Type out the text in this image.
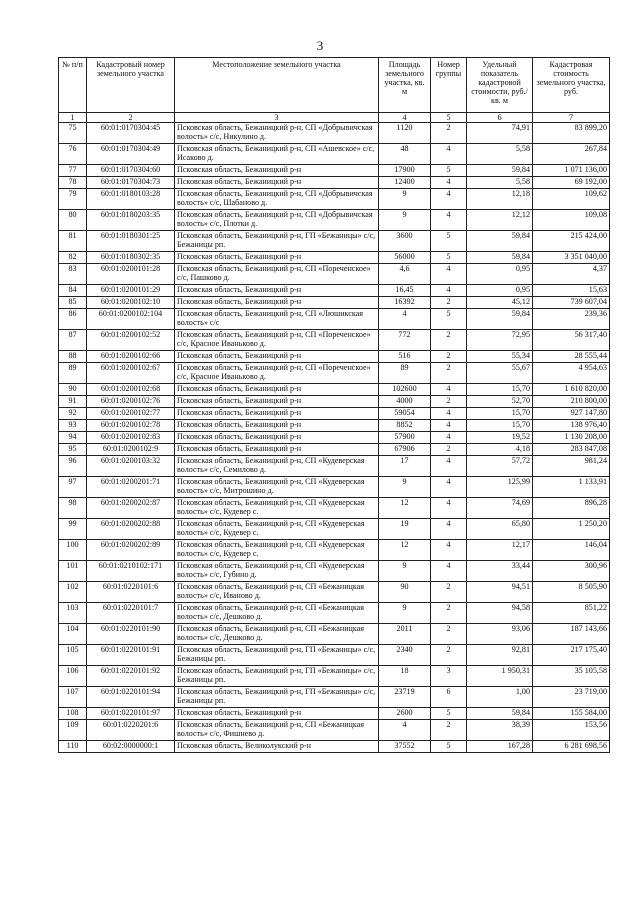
3
№ п/п	Кадастровый номер земельного участка	Местоположение земельного участка	Площадь земельного участка, кв. м	Номер группы	Удельный показатель кадастровой стоимости, руб./кв. м	Кадастровая стоимость земельного участка, руб.
1	2	3	4	5	6	7
75	60:01:0170304:45	Псковская область, Бежаницкий р-н, СП «Добрывичская волость» с/с, Никулино д.	1120	2	74,91	83 899,20
76	60:01:0170304:49	Псковская область, Бежаницкий р-н, СП «Ашевское» с/с, Исаково д.	48	4	5,58	267,84
77	60:01:0170304:60	Псковская область, Бежаницкий р-н	17900	5	59,84	1 071 136,00
78	60:01:0170304:73	Псковская область, Бежаницкий р-н	12400	4	5,58	69 192,00
79	60:01:0180103:28	Псковская область, Бежаницкий р-н, СП «Добрывичская волость» с/с, Шабаново д.	9	4	12,18	109,62
80	60:01:0180203:35	Псковская область, Бежаницкий р-н, СП «Добрывичская волость» с/с, Плотки д.	9	4	12,12	109,08
81	60:01:0180301:25	Псковская область, Бежаницкий р-н, ГП «Бежаницы» с/с, Бежаницы рп.	3600	5	59,84	215 424,00
82	60:01:0180302:35	Псковская область, Бежаницкий р-н	56000	5	59,84	3 351 040,00
83	60:01:0200101:28	Псковская область, Бежаницкий р-н, СП «Пореченское» с/с, Пашково д.	4,6	4	0,95	4,37
84	60:01:0200101:29	Псковская область, Бежаницкий р-н	16,45	4	0,95	15,63
85	60:01:0200102:10	Псковская область, Бежаницкий р-н	16392	2	45,12	739 607,04
86	60:01:0200102:104	Псковская область, Бежаницкий р-н, СП «Люшикская волость» с/с	4	5	59,84	239,36
87	60:01:0200102:52	Псковская область, Бежаницкий р-н, СП «Пореченское» с/с, Красное Иваньково д.	772	2	72,95	56 317,40
88	60:01:0200102:66	Псковская область, Бежаницкий р-н	516	2	55,34	28 555,44
89	60:01:0200102:67	Псковская область, Бежаницкий р-н, СП «Пореченское» с/с, Красное Иваньково д.	89	2	55,67	4 954,63
90	60:01:0200102:68	Псковская область, Бежаницкий р-н	102600	4	15,70	1 610 820,00
91	60:01:0200102:76	Псковская область, Бежаницкий р-н	4000	2	52,70	210 800,00
92	60:01:0200102:77	Псковская область, Бежаницкий р-н	59054	4	15,70	927 147,80
93	60:01:0200102:78	Псковская область, Бежаницкий р-н	8852	4	15,70	138 976,40
94	60:01:0200102:83	Псковская область, Бежаницкий р-н	57900	4	19,52	1 130 208,00
95	60:01:0200102:9	Псковская область, Бежаницкий р-н	67906	2	4,18	283 847,08
96	60:01:0200103:32	Псковская область, Бежаницкий р-н, СП «Кудеверская волость» с/с, Семилово д.	17	4	57,72	981,24
97	60:01:0200201:71	Псковская область, Бежаницкий р-н, СП «Кудеверская волость» с/с, Митрошино д.	9	4	125,99	1 133,91
98	60:01:0200202:87	Псковская область, Бежаницкий р-н, СП «Кудеверская волость» с/с, Кудевер с.	12	4	74,69	896,28
99	60:01:0200202:88	Псковская область, Бежаницкий р-н, СП «Кудеверская волость» с/с, Кудевер с.	19	4	65,80	1 250,20
100	60:01:0200202:89	Псковская область, Бежаницкий р-н, СП «Кудеверская волость» с/с, Кудевер с.	12	4	12,17	146,04
101	60:01:0210102:171	Псковская область, Бежаницкий р-н, СП «Кудеверская волость» с/с, Губино д.	9	4	33,44	300,96
102	60:01:0220101:6	Псковская область, Бежаницкий р-н, СП «Бежаницкая волость» с/с, Иваново д.	90	2	94,51	8 505,90
103	60:01:0220101:7	Псковская область, Бежаницкий р-н, СП «Бежаницкая волость» с/с, Дешково д.	9	2	94,58	851,22
104	60:01:0220101:90	Псковская область, Бежаницкий р-н, СП «Бежаницкая волость» с/с, Дешково д.	2011	2	93,06	187 143,66
105	60:01:0220101:91	Псковская область, Бежаницкий р-н, ГП «Бежаницы» с/с, Бежаницы рп.	2340	2	92,81	217 175,40
106	60:01:0220101:92	Псковская область, Бежаницкий р-н, ГП «Бежаницы» с/с, Бежаницы рп.	18	3	1 950,31	35 105,58
107	60:01:0220101:94	Псковская область, Бежаницкий р-н, ГП «Бежаницы» с/с, Бежаницы рп.	23719	6	1,00	23 719,00
108	60:01:0220101:97	Псковская область, Бежаницкий р-н	2600	5	59,84	155 584,00
109	60:01:0220201:6	Псковская область, Бежаницкий р-н, СП «Бежаницкая волость» с/с, Фишнево д.	4	2	38,39	153,56
110	60:02:0000000:1	Псковская область, Великолукский р-н	37552	5	167,28	6 281 698,56
